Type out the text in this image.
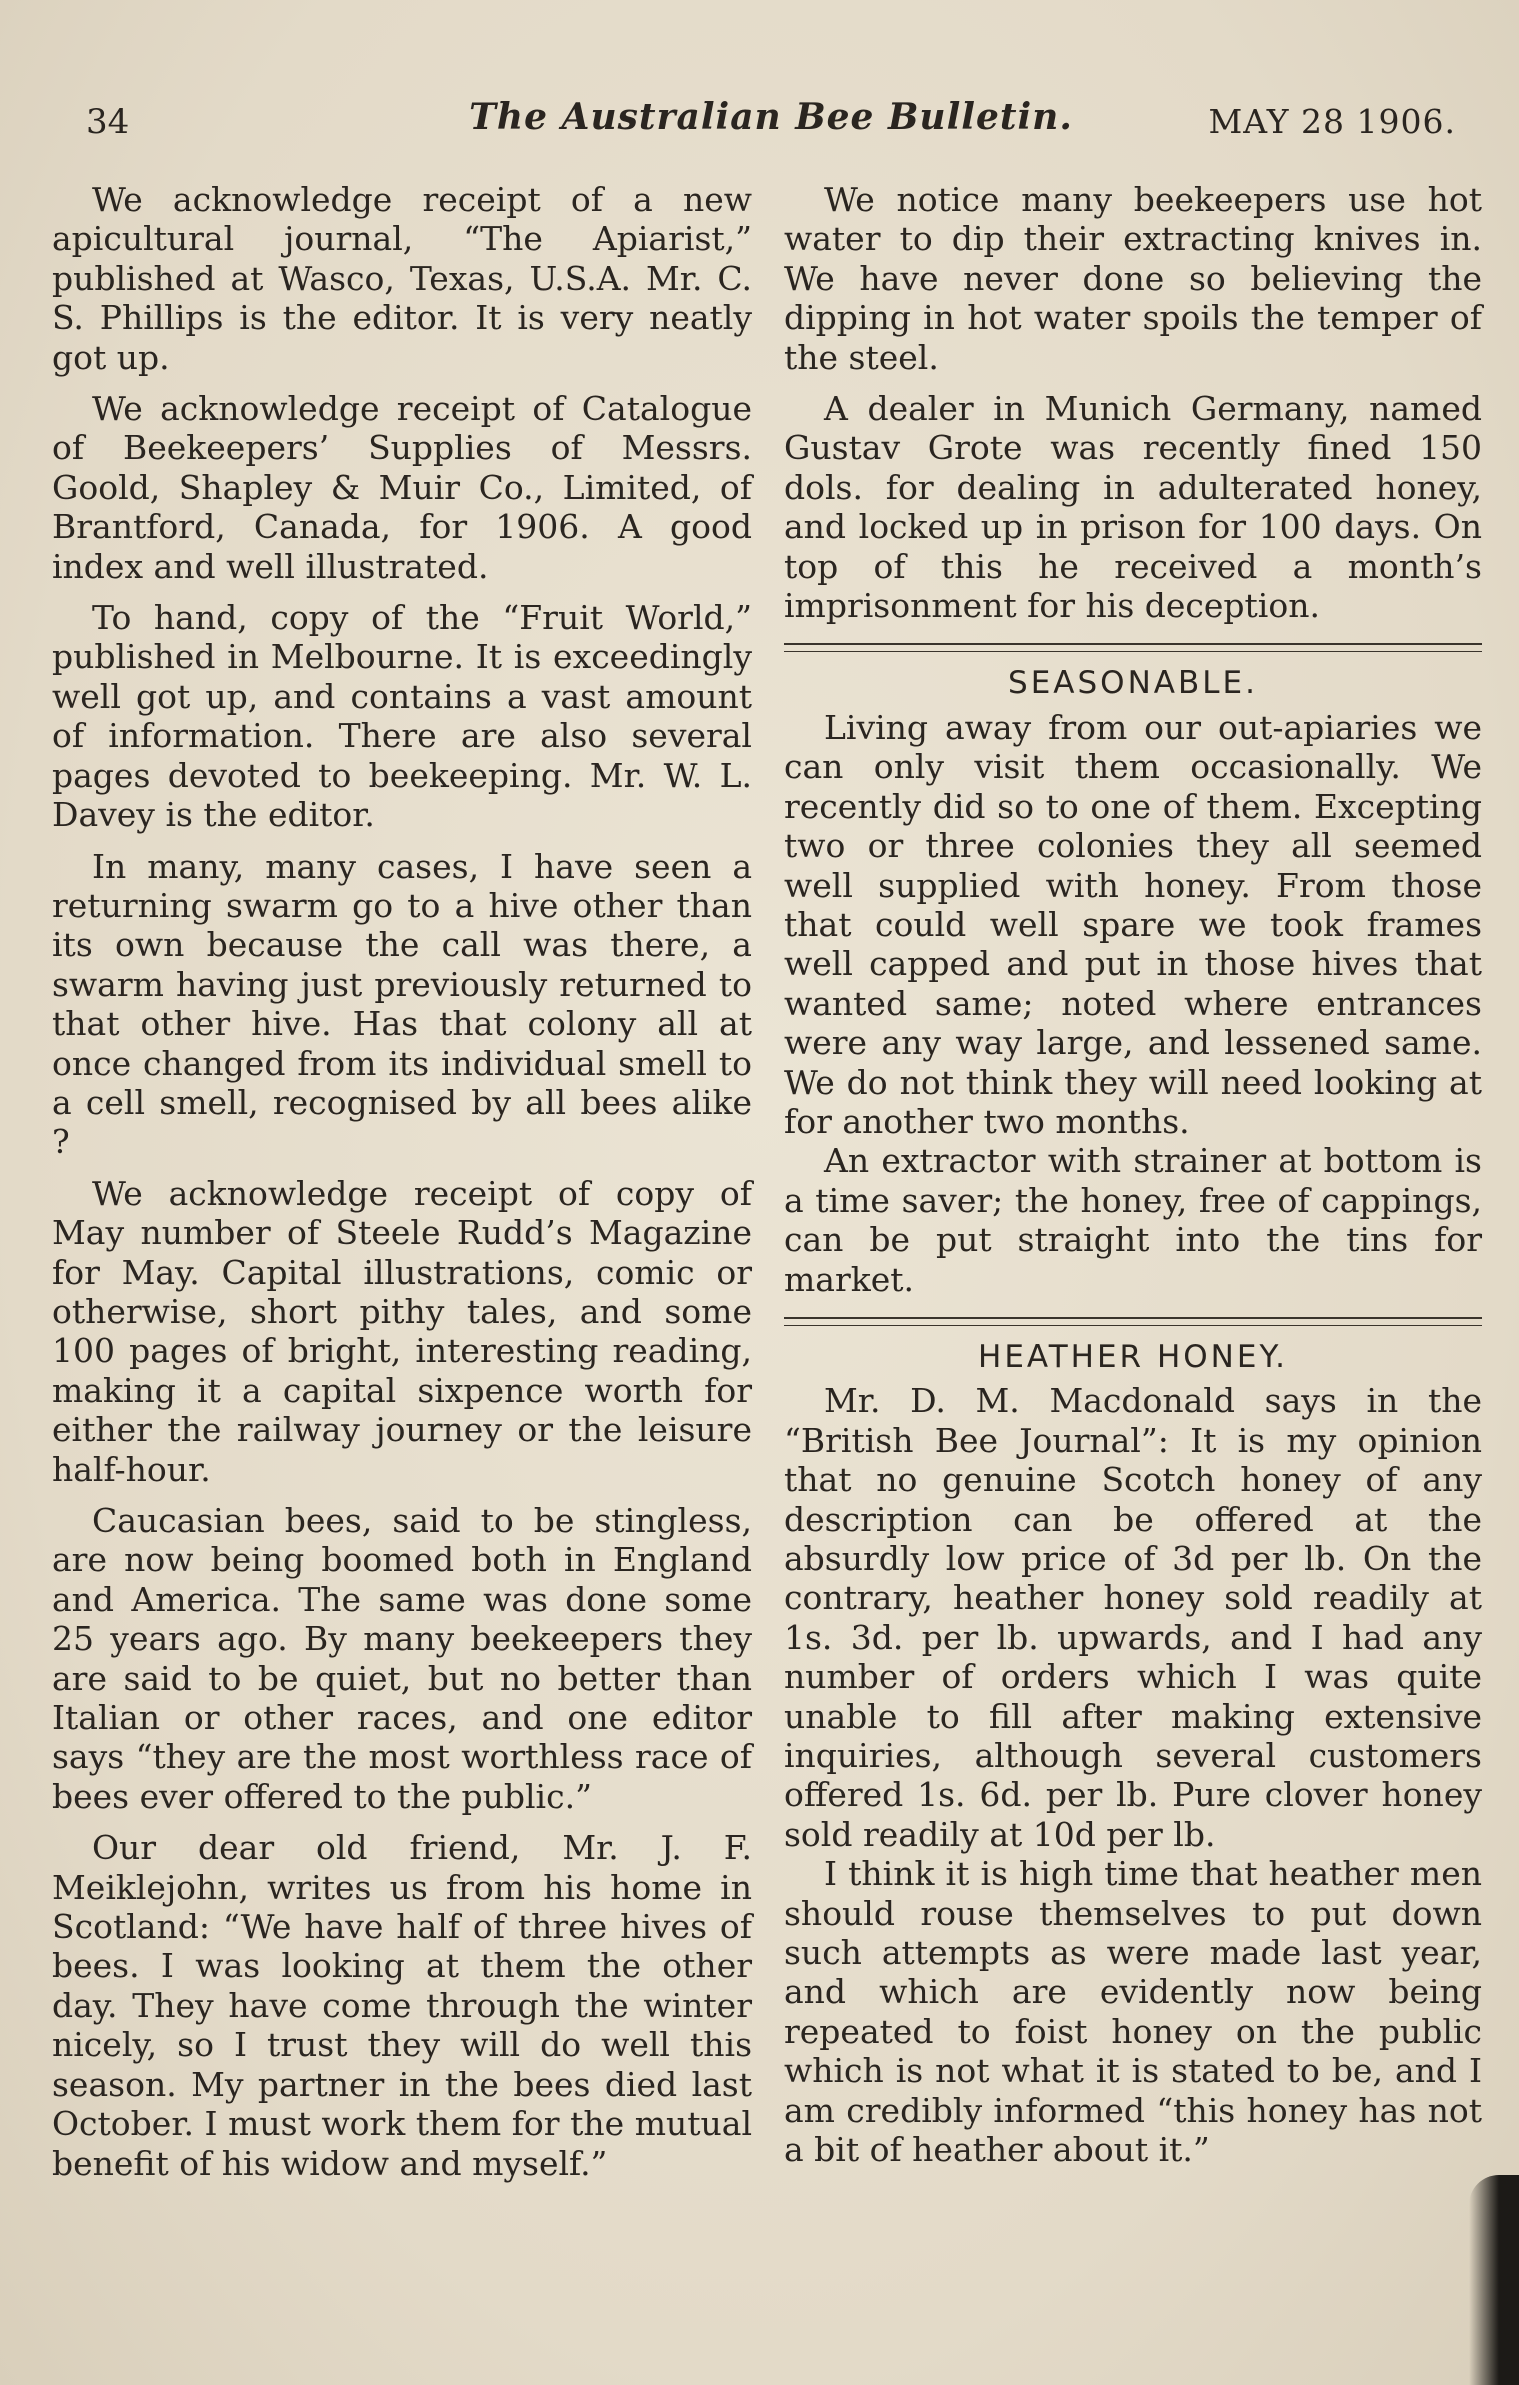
34	The Australian Bee Bulletin.	MAY 28 1906.

We acknowledge receipt of a new apicultural journal, “The Apiarist,” published at Wasco, Texas, U.S.A. Mr. C. S. Phillips is the editor. It is very neatly got up.

We acknowledge receipt of Catalogue of Beekeepers’ Supplies of Messrs. Goold, Shapley & Muir Co., Limited, of Brantford, Canada, for 1906. A good index and well illustrated.

To hand, copy of the “Fruit World,” published in Melbourne. It is exceedingly well got up, and contains a vast amount of information. There are also several pages devoted to beekeeping. Mr. W. L. Davey is the editor.

In many, many cases, I have seen a returning swarm go to a hive other than its own because the call was there, a swarm having just previously returned to that other hive. Has that colony all at once changed from its individual smell to a cell smell, recognised by all bees alike ?

We acknowledge receipt of copy of May number of Steele Rudd’s Magazine for May. Capital illustrations, comic or otherwise, short pithy tales, and some 100 pages of bright, interesting reading, making it a capital sixpence worth for either the railway journey or the leisure half-hour.

Caucasian bees, said to be stingless, are now being boomed both in England and America. The same was done some 25 years ago. By many beekeepers they are said to be quiet, but no better than Italian or other races, and one editor says “they are the most worthless race of bees ever offered to the public.”

Our dear old friend, Mr. J. F. Meiklejohn, writes us from his home in Scotland: “We have half of three hives of bees. I was looking at them the other day. They have come through the winter nicely, so I trust they will do well this season. My partner in the bees died last October. I must work them for the mutual benefit of his widow and myself.”

We notice many beekeepers use hot water to dip their extracting knives in. We have never done so believing the dipping in hot water spoils the temper of the steel.

A dealer in Munich Germany, named Gustav Grote was recently fined 150 dols. for dealing in adulterated honey, and locked up in prison for 100 days. On top of this he received a month’s imprisonment for his deception.

SEASONABLE.

Living away from our out-apiaries we can only visit them occasionally. We recently did so to one of them. Excepting two or three colonies they all seemed well supplied with honey. From those that could well spare we took frames well capped and put in those hives that wanted same; noted where entrances were any way large, and lessened same. We do not think they will need looking at for another two months.

An extractor with strainer at bottom is a time saver; the honey, free of cappings, can be put straight into the tins for market.

HEATHER HONEY.

Mr. D. M. Macdonald says in the “British Bee Journal”: It is my opinion that no genuine Scotch honey of any description can be offered at the absurdly low price of 3d per lb. On the contrary, heather honey sold readily at 1s. 3d. per lb. upwards, and I had any number of orders which I was quite unable to fill after making extensive inquiries, although several customers offered 1s. 6d. per lb. Pure clover honey sold readily at 10d per lb.

I think it is high time that heather men should rouse themselves to put down such attempts as were made last year, and which are evidently now being repeated to foist honey on the public which is not what it is stated to be, and I am credibly informed “this honey has not a bit of heather about it.”
